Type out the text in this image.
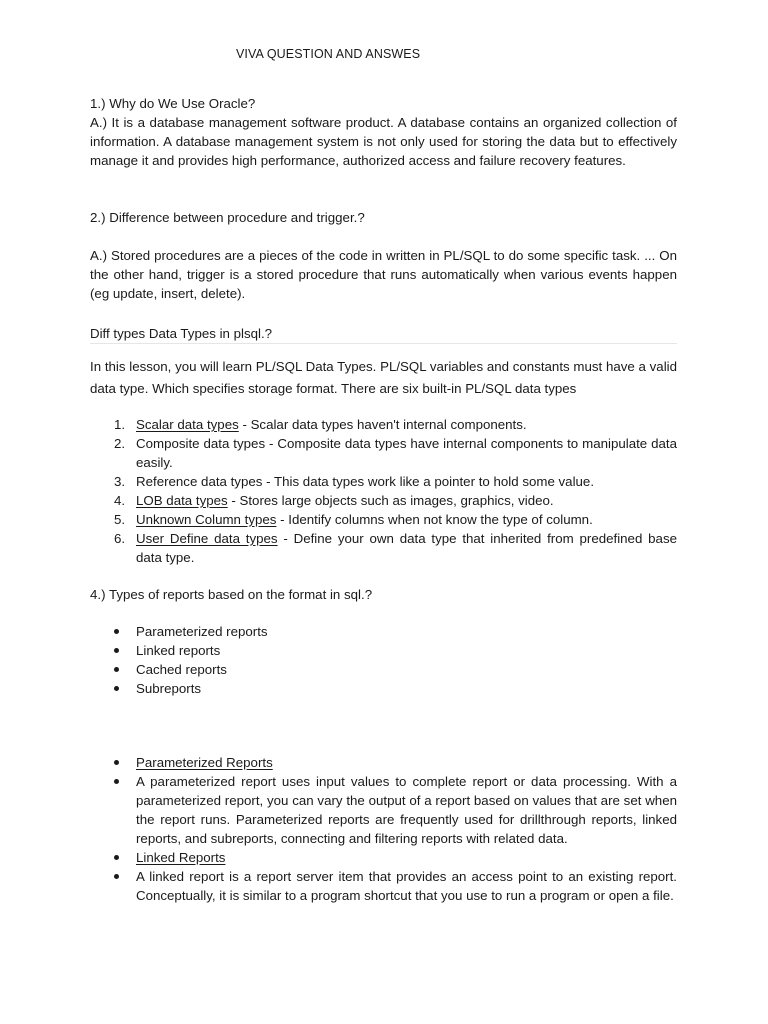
VIVA QUESTION AND ANSWES

1.) Why do We Use Oracle?

A.) It is a database management software product. A database contains an organized collection of information. A database management system is not only used for storing the data but to effectively manage it and provides high performance, authorized access and failure recovery features.

2.) Difference between procedure and trigger.?
A.) Stored procedures are a pieces of the code in written in PL/SQL to do some specific task. ... On the other hand, trigger is a stored procedure that runs automatically when various events happen (eg update, insert, delete).
Diff types Data Types in plsql.?
In this lesson, you will learn PL/SQL Data Types. PL/SQL variables and constants must have a valid data type. Which specifies storage format. There are six built-in PL/SQL data types
1. Scalar data types - Scalar data types haven't internal components.
2. Composite data types - Composite data types have internal components to manipulate data easily.
3. Reference data types - This data types work like a pointer to hold some value.
4. LOB data types - Stores large objects such as images, graphics, video.
5. Unknown Column types - Identify columns when not know the type of column.
6. User Define data types - Define your own data type that inherited from predefined base data type.
4.) Types of reports based on the format in sql.?
Parameterized reports
Linked reports
Cached reports
Subreports
Parameterized Reports
A parameterized report uses input values to complete report or data processing. With a parameterized report, you can vary the output of a report based on values that are set when the report runs. Parameterized reports are frequently used for drillthrough reports, linked reports, and subreports, connecting and filtering reports with related data.
Linked Reports
A linked report is a report server item that provides an access point to an existing report. Conceptually, it is similar to a program shortcut that you use to run a program or open a file.
